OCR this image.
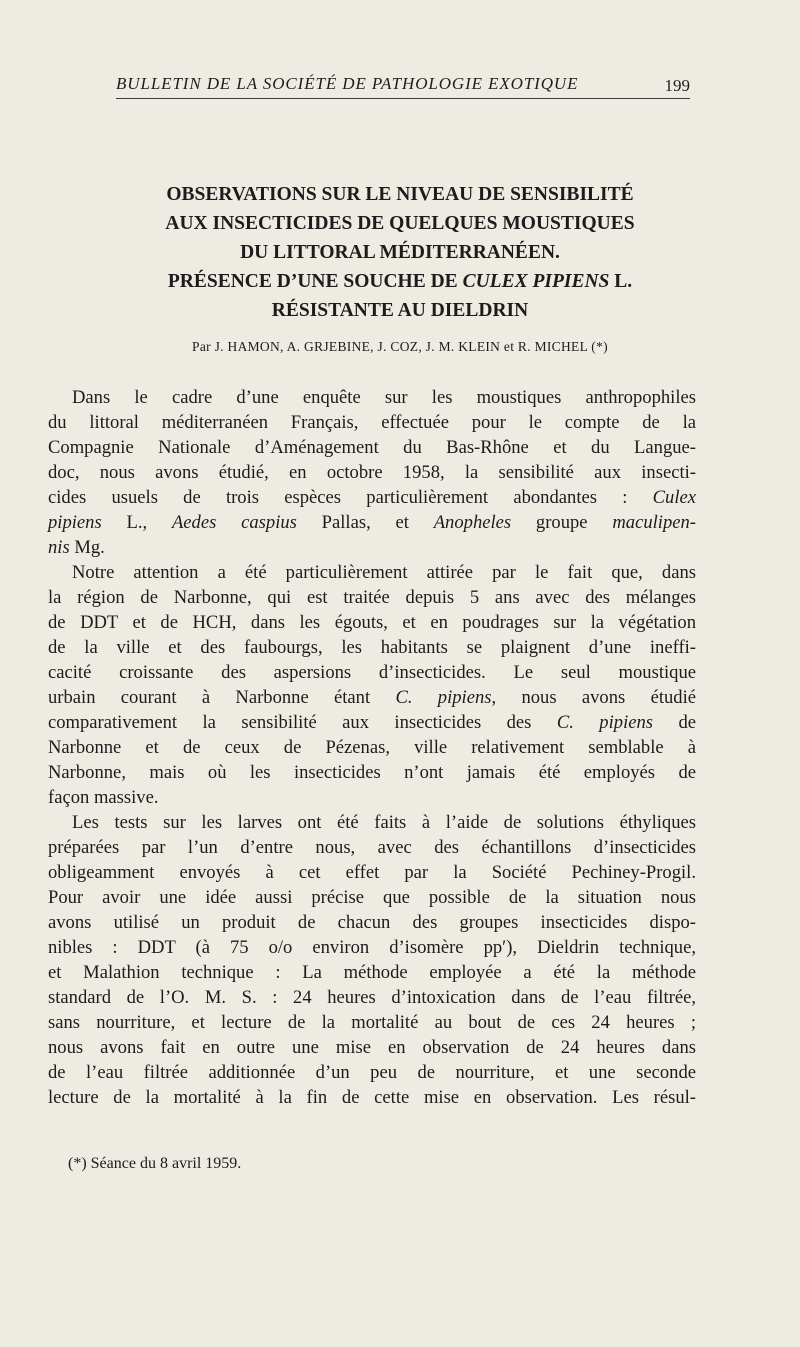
BULLETIN DE LA SOCIÉTÉ DE PATHOLOGIE EXOTIQUE	199
OBSERVATIONS SUR LE NIVEAU DE SENSIBILITÉ
AUX INSECTICIDES DE QUELQUES MOUSTIQUES
DU LITTORAL MÉDITERRANÉEN.
PRÉSENCE D’UNE SOUCHE DE CULEX PIPIENS L.
RÉSISTANTE AU DIELDRIN
Par J. HAMON, A. GRJEBINE, J. COZ, J. M. KLEIN et R. MICHEL (*)
Dans le cadre d’une enquête sur les moustiques anthropophiles
du littoral méditerranéen Français, effectuée pour le compte de la
Compagnie Nationale d’Aménagement du Bas-Rhône et du Langue-
doc, nous avons étudié, en octobre 1958, la sensibilité aux insecti-
cides usuels de trois espèces particulièrement abondantes : Culex
pipiens L., Aedes caspius Pallas, et Anopheles groupe maculipen-
nis Mg.
Notre attention a été particulièrement attirée par le fait que, dans
la région de Narbonne, qui est traitée depuis 5 ans avec des mélanges
de DDT et de HCH, dans les égouts, et en poudrages sur la végétation
de la ville et des faubourgs, les habitants se plaignent d’une ineffi-
cacité croissante des aspersions d’insecticides. Le seul moustique
urbain courant à Narbonne étant C. pipiens, nous avons étudié
comparativement la sensibilité aux insecticides des C. pipiens de
Narbonne et de ceux de Pézenas, ville relativement semblable à
Narbonne, mais où les insecticides n’ont jamais été employés de
façon massive.
Les tests sur les larves ont été faits à l’aide de solutions éthyliques
préparées par l’un d’entre nous, avec des échantillons d’insecticides
obligeamment envoyés à cet effet par la Société Pechiney-Progil.
Pour avoir une idée aussi précise que possible de la situation nous
avons utilisé un produit de chacun des groupes insecticides dispo-
nibles : DDT (à 75 o/o environ d’isomère pp′), Dieldrin technique,
et Malathion technique : La méthode employée a été la méthode
standard de l’O. M. S. : 24 heures d’intoxication dans de l’eau filtrée,
sans nourriture, et lecture de la mortalité au bout de ces 24 heures ;
nous avons fait en outre une mise en observation de 24 heures dans
de l’eau filtrée additionnée d’un peu de nourriture, et une seconde
lecture de la mortalité à la fin de cette mise en observation. Les résul-
(*) Séance du 8 avril 1959.
